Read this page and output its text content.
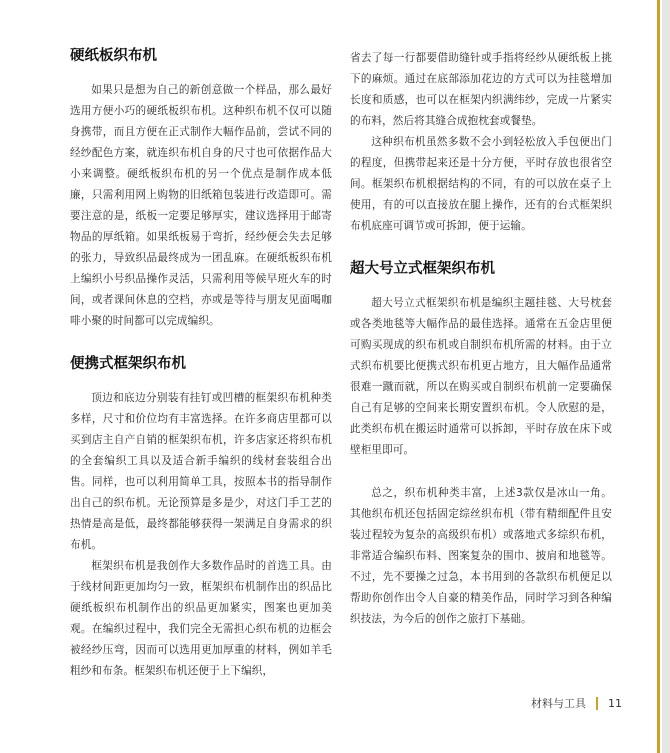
硬纸板织布机

如果只是想为自己的新创意做一个样品，那么最好选用方便小巧的硬纸板织布机。这种织布机不仅可以随身携带，而且方便在正式制作大幅作品前，尝试不同的经纱配色方案，就连织布机自身的尺寸也可依据作品大小来调整。硬纸板织布机的另一个优点是制作成本低廉，只需利用网上购物的旧纸箱包装进行改造即可。需要注意的是，纸板一定要足够厚实，建议选择用于邮寄物品的厚纸箱。如果纸板易于弯折，经纱便会失去足够的张力，导致织品最终成为一团乱麻。在硬纸板织布机上编织小号织品操作灵活，只需利用等候早班火车的时间，或者课间休息的空档，亦或是等待与朋友见面喝咖啡小聚的时间都可以完成编织。

便携式框架织布机

顶边和底边分别装有挂钉或凹槽的框架织布机种类多样，尺寸和价位均有丰富选择。在许多商店里都可以买到店主自产自销的框架织布机，许多店家还将织布机的全套编织工具以及适合新手编织的线材套装组合出售。同样，也可以利用简单工具，按照本书的指导制作出自己的织布机。无论预算是多是少，对这门手工艺的热情是高是低，最终都能够获得一架满足自身需求的织布机。

框架织布机是我创作大多数作品时的首选工具。由于线材间距更加均匀一致，框架织布机制作出的织品比硬纸板织布机制作出的织品更加紧实，图案也更加美观。在编织过程中，我们完全无需担心织布机的边框会被经纱压弯，因而可以选用更加厚重的材料，例如羊毛粗纱和布条。框架织布机还便于上下编织，

省去了每一行都要借助缝针或手指将经纱从硬纸板上挑下的麻烦。通过在底部添加花边的方式可以为挂毯增加长度和质感，也可以在框架内织满纬纱，完成一片紧实的布料，然后将其缝合成抱枕套或餐垫。

这种织布机虽然多数不会小到轻松放入手包便出门的程度，但携带起来还是十分方便，平时存放也很省空间。框架织布机根据结构的不同，有的可以放在桌子上使用，有的可以直接放在腿上操作，还有的台式框架织布机底座可调节或可拆卸，便于运输。

超大号立式框架织布机

超大号立式框架织布机是编织主题挂毯、大号枕套或各类地毯等大幅作品的最佳选择。通常在五金店里便可购买现成的织布机或自制织布机所需的材料。由于立式织布机要比便携式织布机更占地方，且大幅作品通常很难一蹴而就，所以在购买或自制织布机前一定要确保自己有足够的空间来长期安置织布机。令人欣慰的是，此类织布机在搬运时通常可以拆卸，平时存放在床下或壁柜里即可。

总之，织布机种类丰富，上述3款仅是冰山一角。其他织布机还包括固定综丝织布机（带有精细配件且安装过程较为复杂的高级织布机）或落地式多综织布机，非常适合编织布料、图案复杂的围巾、披肩和地毯等。不过，先不要操之过急，本书用到的各款织布机便足以帮助你创作出令人自豪的精美作品，同时学习到各种编织技法，为今后的创作之旅打下基础。

材料与工具 11
